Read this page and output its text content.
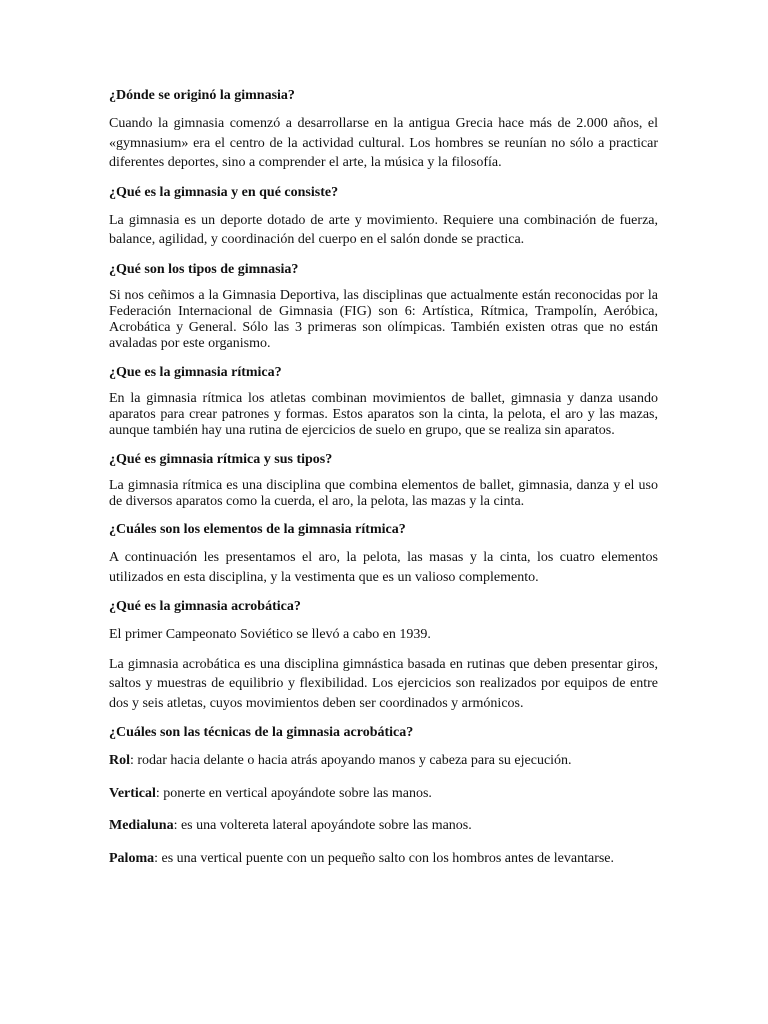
¿Dónde se originó la gimnasia?
Cuando la gimnasia comenzó a desarrollarse en la antigua Grecia hace más de 2.000 años, el «gymnasium» era el centro de la actividad cultural. Los hombres se reunían no sólo a practicar diferentes deportes, sino a comprender el arte, la música y la filosofía.
¿Qué es la gimnasia y en qué consiste?
La gimnasia es un deporte dotado de arte y movimiento. Requiere una combinación de fuerza, balance, agilidad, y coordinación del cuerpo en el salón donde se practica.
¿Qué son los tipos de gimnasia?
Si nos ceñimos a la Gimnasia Deportiva, las disciplinas que actualmente están reconocidas por la Federación Internacional de Gimnasia (FIG) son 6: Artística, Rítmica, Trampolín, Aeróbica, Acrobática y General. Sólo las 3 primeras son olímpicas. También existen otras que no están avaladas por este organismo.
¿Que es la gimnasia rítmica?
En la gimnasia rítmica los atletas combinan movimientos de ballet, gimnasia y danza usando aparatos para crear patrones y formas. Estos aparatos son la cinta, la pelota, el aro y las mazas, aunque también hay una rutina de ejercicios de suelo en grupo, que se realiza sin aparatos.
¿Qué es gimnasia rítmica y sus tipos?
La gimnasia rítmica es una disciplina que combina elementos de ballet, gimnasia, danza y el uso de diversos aparatos como la cuerda, el aro, la pelota, las mazas y la cinta.
¿Cuáles son los elementos de la gimnasia rítmica?
A continuación les presentamos el aro, la pelota, las masas y la cinta, los cuatro elementos utilizados en esta disciplina, y la vestimenta que es un valioso complemento.
¿Qué es la gimnasia acrobática?
El primer Campeonato Soviético se llevó a cabo en 1939.
La gimnasia acrobática es una disciplina gimnástica basada en rutinas que deben presentar giros, saltos y muestras de equilibrio y flexibilidad. Los ejercicios son realizados por equipos de entre dos y seis atletas, cuyos movimientos deben ser coordinados y armónicos.
¿Cuáles son las técnicas de la gimnasia acrobática?
Rol: rodar hacia delante o hacia atrás apoyando manos y cabeza para su ejecución.
Vertical: ponerte en vertical apoyándote sobre las manos.
Medialuna: es una voltereta lateral apoyándote sobre las manos.
Paloma: es una vertical puente con un pequeño salto con los hombros antes de levantarse.
